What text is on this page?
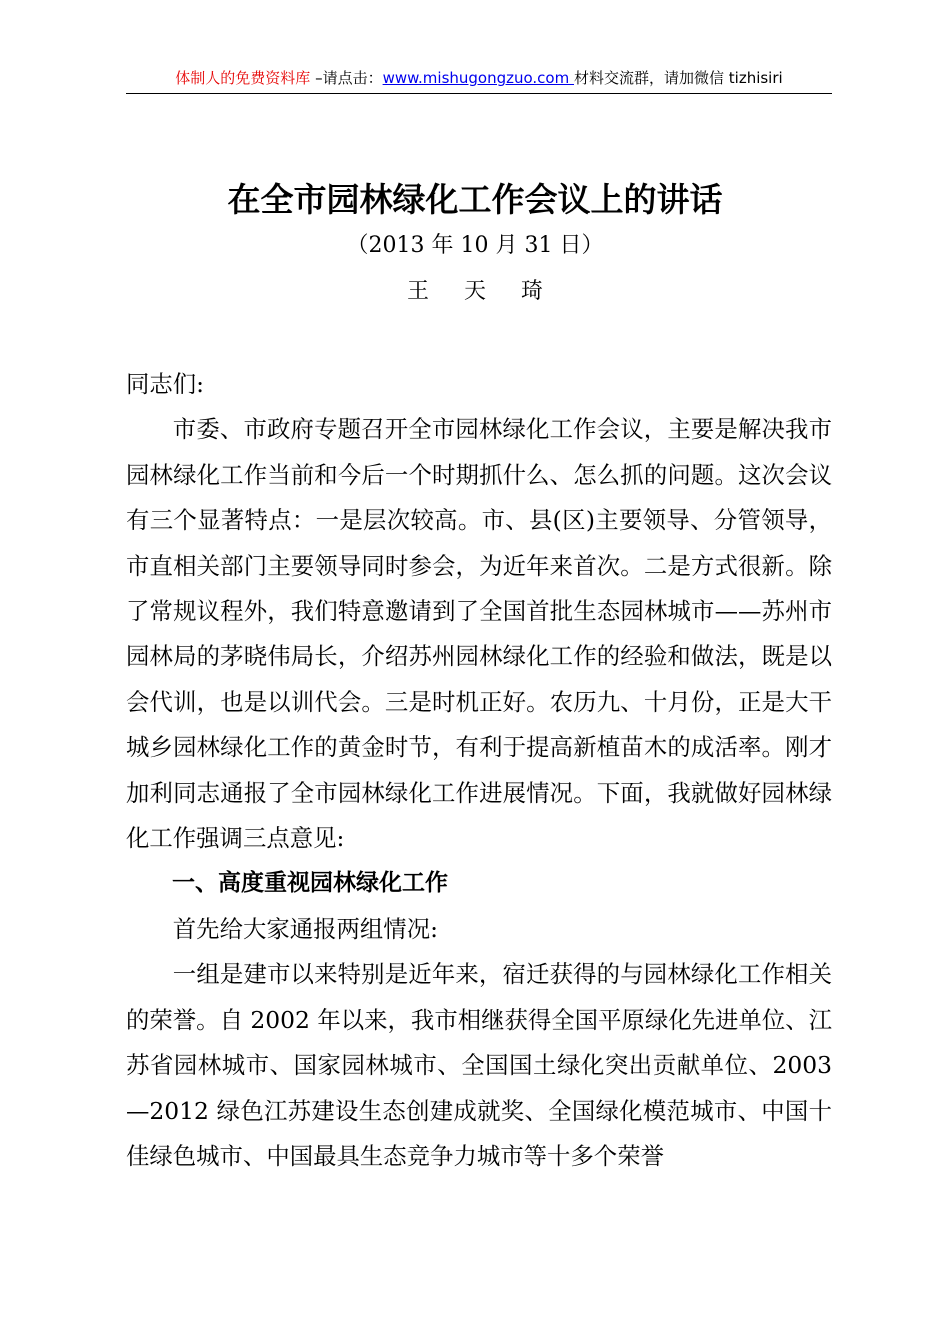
体制人的免费资料库 –请点击：www.mishugongzuo.com 材料交流群，请加微信 tizhisiri
在全市园林绿化工作会议上的讲话
（2013 年 10 月 31 日）
王 天 琦

同志们:

市委、市政府专题召开全市园林绿化工作会议，主要是解决我市园林绿化工作当前和今后一个时期抓什么、怎么抓的问题。这次会议有三个显著特点：一是层次较高。市、县(区)主要领导、分管领导，市直相关部门主要领导同时参会，为近年来首次。二是方式很新。除了常规议程外，我们特意邀请到了全国首批生态园林城市——苏州市园林局的茅晓伟局长，介绍苏州园林绿化工作的经验和做法，既是以会代训，也是以训代会。三是时机正好。农历九、十月份，正是大干城乡园林绿化工作的黄金时节，有利于提高新植苗木的成活率。刚才加利同志通报了全市园林绿化工作进展情况。下面，我就做好园林绿化工作强调三点意见:

一、高度重视园林绿化工作

首先给大家通报两组情况:

一组是建市以来特别是近年来，宿迁获得的与园林绿化工作相关的荣誉。自 2002 年以来，我市相继获得全国平原绿化先进单位、江苏省园林城市、国家园林城市、全国国土绿化突出贡献单位、2003—2012 绿色江苏建设生态创建成就奖、全国绿化模范城市、中国十佳绿色城市、中国最具生态竞争力城市等十多个荣誉
